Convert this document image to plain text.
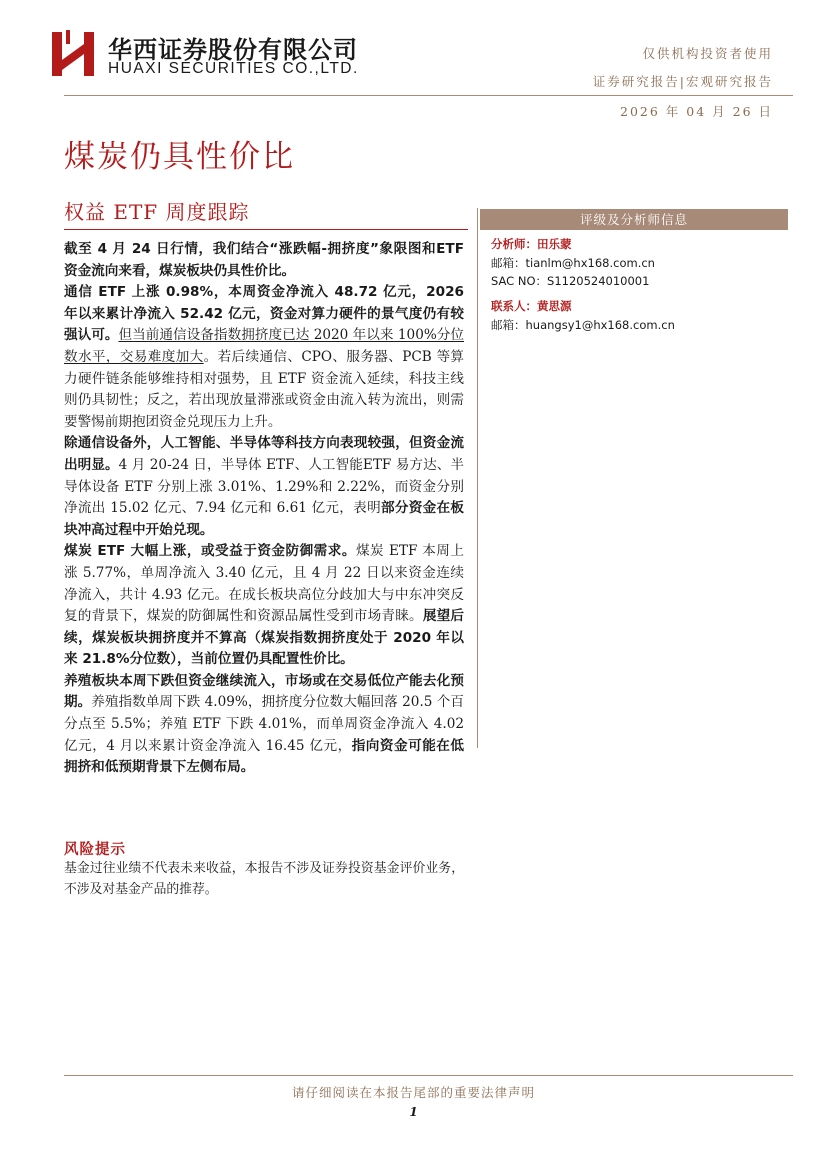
华西证券股份有限公司
HUAXI SECURITIES CO.,LTD.
仅供机构投资者使用
证券研究报告|宏观研究报告
2026 年 04 月 26 日
煤炭仍具性价比
权益 ETF 周度跟踪

截至 4 月 24 日行情，我们结合“涨跌幅-拥挤度”象限图和ETF 资金流向来看，煤炭板块仍具性价比。

通信 ETF 上涨 0.98%，本周资金净流入 48.72 亿元，2026 年以来累计净流入 52.42 亿元，资金对算力硬件的景气度仍有较强认可。但当前通信设备指数拥挤度已达 2020 年以来 100%分位数水平，交易难度加大。若后续通信、CPO、服务器、PCB 等算力硬件链条能够维持相对强势，且 ETF 资金流入延续，科技主线则仍具韧性；反之，若出现放量滞涨或资金由流入转为流出，则需要警惕前期抱团资金兑现压力上升。

除通信设备外，人工智能、半导体等科技方向表现较强，但资金流出明显。4 月 20-24 日，半导体 ETF、人工智能ETF 易方达、半导体设备 ETF 分别上涨 3.01%、1.29%和 2.22%，而资金分别净流出 15.02 亿元、7.94 亿元和 6.61 亿元，表明部分资金在板块冲高过程中开始兑现。

煤炭 ETF 大幅上涨，或受益于资金防御需求。煤炭 ETF 本周上涨 5.77%，单周净流入 3.40 亿元，且 4 月 22 日以来资金连续净流入，共计 4.93 亿元。在成长板块高位分歧加大与中东冲突反复的背景下，煤炭的防御属性和资源品属性受到市场青睐。展望后续，煤炭板块拥挤度并不算高（煤炭指数拥挤度处于 2020 年以来 21.8%分位数），当前位置仍具配置性价比。

养殖板块本周下跌但资金继续流入，市场或在交易低位产能去化预期。养殖指数单周下跌 4.09%，拥挤度分位数大幅回落 20.5 个百分点至 5.5%；养殖 ETF 下跌 4.01%，而单周资金净流入 4.02 亿元，4 月以来累计资金净流入 16.45 亿元，指向资金可能在低拥挤和低预期背景下左侧布局。

评级及分析师信息
分析师：田乐蒙
邮箱：tianlm@hx168.com.cn
SAC NO：S1120524010001
联系人：黄思源
邮箱：huangsy1@hx168.com.cn
风险提示
基金过往业绩不代表未来收益，本报告不涉及证券投资基金评价业务，不涉及对基金产品的推荐。
请仔细阅读在本报告尾部的重要法律声明
1
